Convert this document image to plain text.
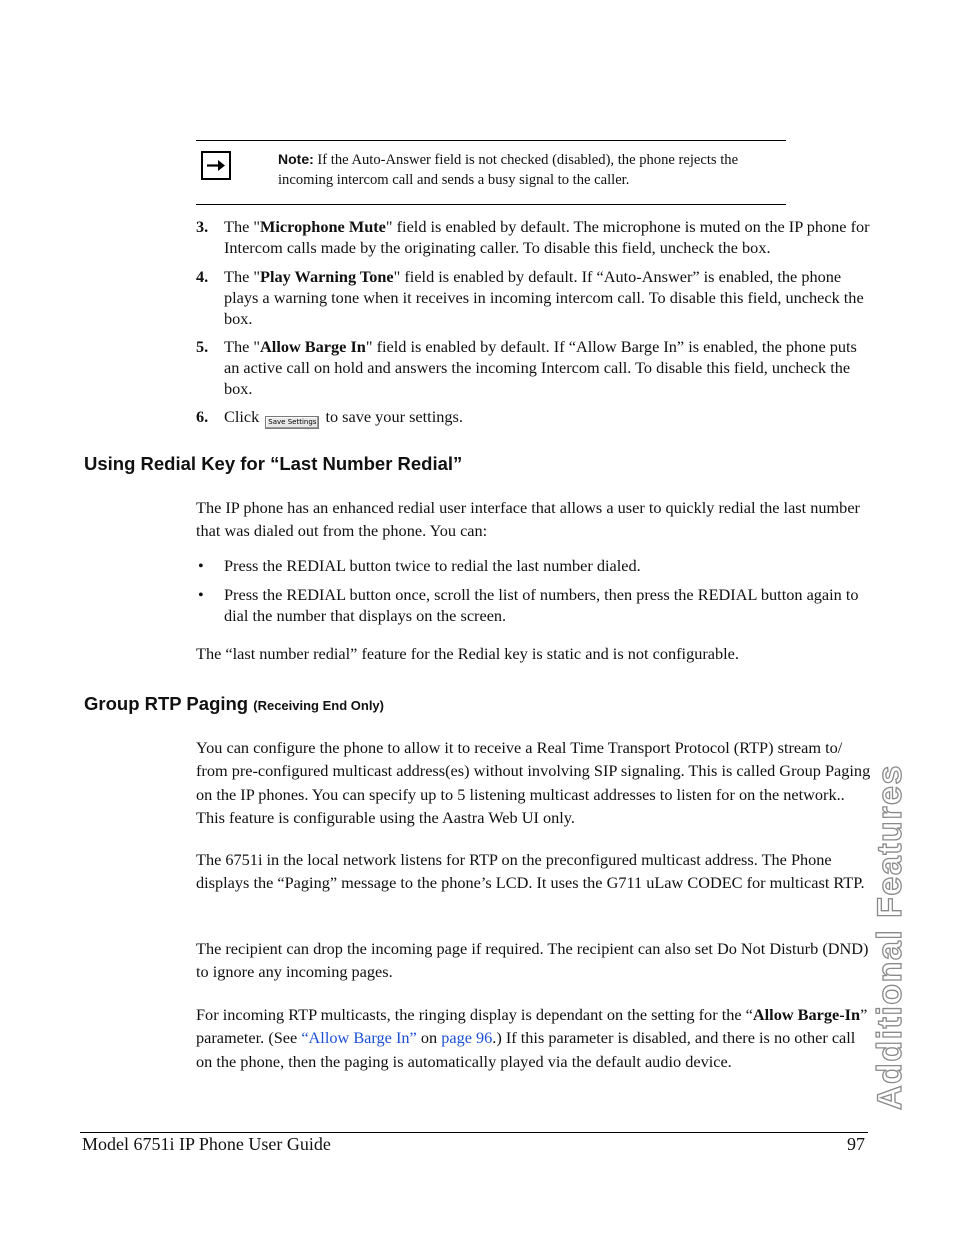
Note: If the Auto-Answer field is not checked (disabled), the phone rejects the incoming intercom call and sends a busy signal to the caller.
3. The "Microphone Mute" field is enabled by default. The microphone is muted on the IP phone for Intercom calls made by the originating caller. To disable this field, uncheck the box.
4. The "Play Warning Tone" field is enabled by default. If “Auto-Answer” is enabled, the phone plays a warning tone when it receives in incoming intercom call. To disable this field, uncheck the box.
5. The "Allow Barge In" field is enabled by default. If “Allow Barge In” is enabled, the phone puts an active call on hold and answers the incoming Intercom call. To disable this field, uncheck the box.
6. Click Save Settings to save your settings.
Using Redial Key for “Last Number Redial”
The IP phone has an enhanced redial user interface that allows a user to quickly redial the last number that was dialed out from the phone. You can:
• Press the REDIAL button twice to redial the last number dialed.
• Press the REDIAL button once, scroll the list of numbers, then press the REDIAL button again to dial the number that displays on the screen.
The “last number redial” feature for the Redial key is static and is not configurable.
Group RTP Paging (Receiving End Only)
You can configure the phone to allow it to receive a Real Time Transport Protocol (RTP) stream to/ from pre-configured multicast address(es) without involving SIP signaling. This is called Group Paging on the IP phones. You can specify up to 5 listening multicast addresses to listen for on the network.. This feature is configurable using the Aastra Web UI only.
The 6751i in the local network listens for RTP on the preconfigured multicast address. The Phone displays the “Paging” message to the phone’s LCD. It uses the G711 uLaw CODEC for multicast RTP.
The recipient can drop the incoming page if required. The recipient can also set Do Not Disturb (DND) to ignore any incoming pages.
For incoming RTP multicasts, the ringing display is dependant on the setting for the “Allow Barge-In” parameter. (See “Allow Barge In” on page 96.) If this parameter is disabled, and there is no other call on the phone, then the paging is automatically played via the default audio device.	Additional Features
Model 6751i IP Phone User Guide	97
